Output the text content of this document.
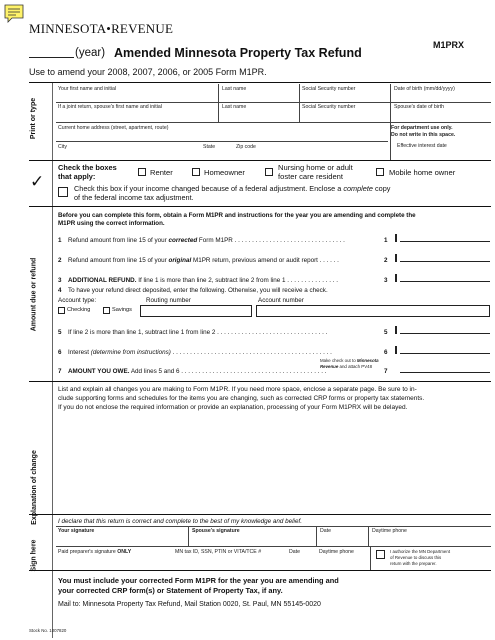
MINNESOTA•REVENUE
M1PRX
(year) Amended Minnesota Property Tax Refund
Use to amend your 2008, 2007, 2006, or 2005 Form M1PR.
Print or type
Amount due or refund
Explanation of change
Sign here
Your first name and initial	Last name	Social Security number	Date of birth (mm/dd/yyyy)
If a joint return, spouse's first name and initial	Last name	Social Security number	Spouse's date of birth
Current home address (street, apartment, route)	For department use only.
Do not write in this space.
City	State	Zip code	Effective interest date
✓
Check the boxes
that apply:	Renter	Homeowner
Nursing home or adult
foster care resident	Mobile home owner
Check this box if your income changed because of a federal adjustment. Enclose a complete copy
of the federal income tax adjustment.
Before you can complete this form, obtain a Form M1PR and instructions for the year you are amending and complete the
M1PR using the correct information.
1 Refund amount from line 15 of your corrected Form M1PR . . . . . . . . . . . . . . . . . . . . . . . . . . . . . . . .	1
2 Refund amount from line 15 of your original M1PR return, previous amend or audit report . . . . . .	2
3 ADDITIONAL REFUND. If line 1 is more than line 2, subtract line 2 from line 1 . . . . . . . . . . . . . . .	3
4 To have your refund direct deposited, enter the following. Otherwise, you will receive a check.
Account type:	Routing number	Account number
Checking	Savings
5 If line 2 is more than line 1, subtract line 1 from line 2 . . . . . . . . . . . . . . . . . . . . . . . . . . . . . . . .	5
6 Interest (determine from instructions) . . . . . . . . . . . . . . . . . . . . . . . . . . . . . . . . . . . . . . . . . . . . . .	6
Make check out to Minnesota
Revenue and attach PV48
7 AMOUNT YOU OWE. Add lines 5 and 6 . . . . . . . . . . . . . . . . . . . . . . . . . . . . . . . . . . . . . . . . . .	7
List and explain all changes you are making to Form M1PR. If you need more space, enclose a separate page. Be sure to in-
clude supporting forms and schedules for the items you are changing, such as corrected CRP forms or property tax statements.
If you do not enclose the required information or provide an explanation, processing of your Form M1PRX will be delayed.
I declare that this return is correct and complete to the best of my knowledge and belief.
Your signature	Spouse's signature	Date	Daytime phone
Paid preparer's signature ONLY	MN tax ID, SSN, PTIN or VITA/TCE #	Date	Daytime phone	I authorize the MN Department
of Revenue to discuss this
return with the preparer.
You must include your corrected Form M1PR for the year you are amending and
your corrected CRP form(s) or Statement of Property Tax, if any.
Mail to: Minnesota Property Tax Refund, Mail Station 0020, St. Paul, MN 55145-0020
Stock No. 1007820
